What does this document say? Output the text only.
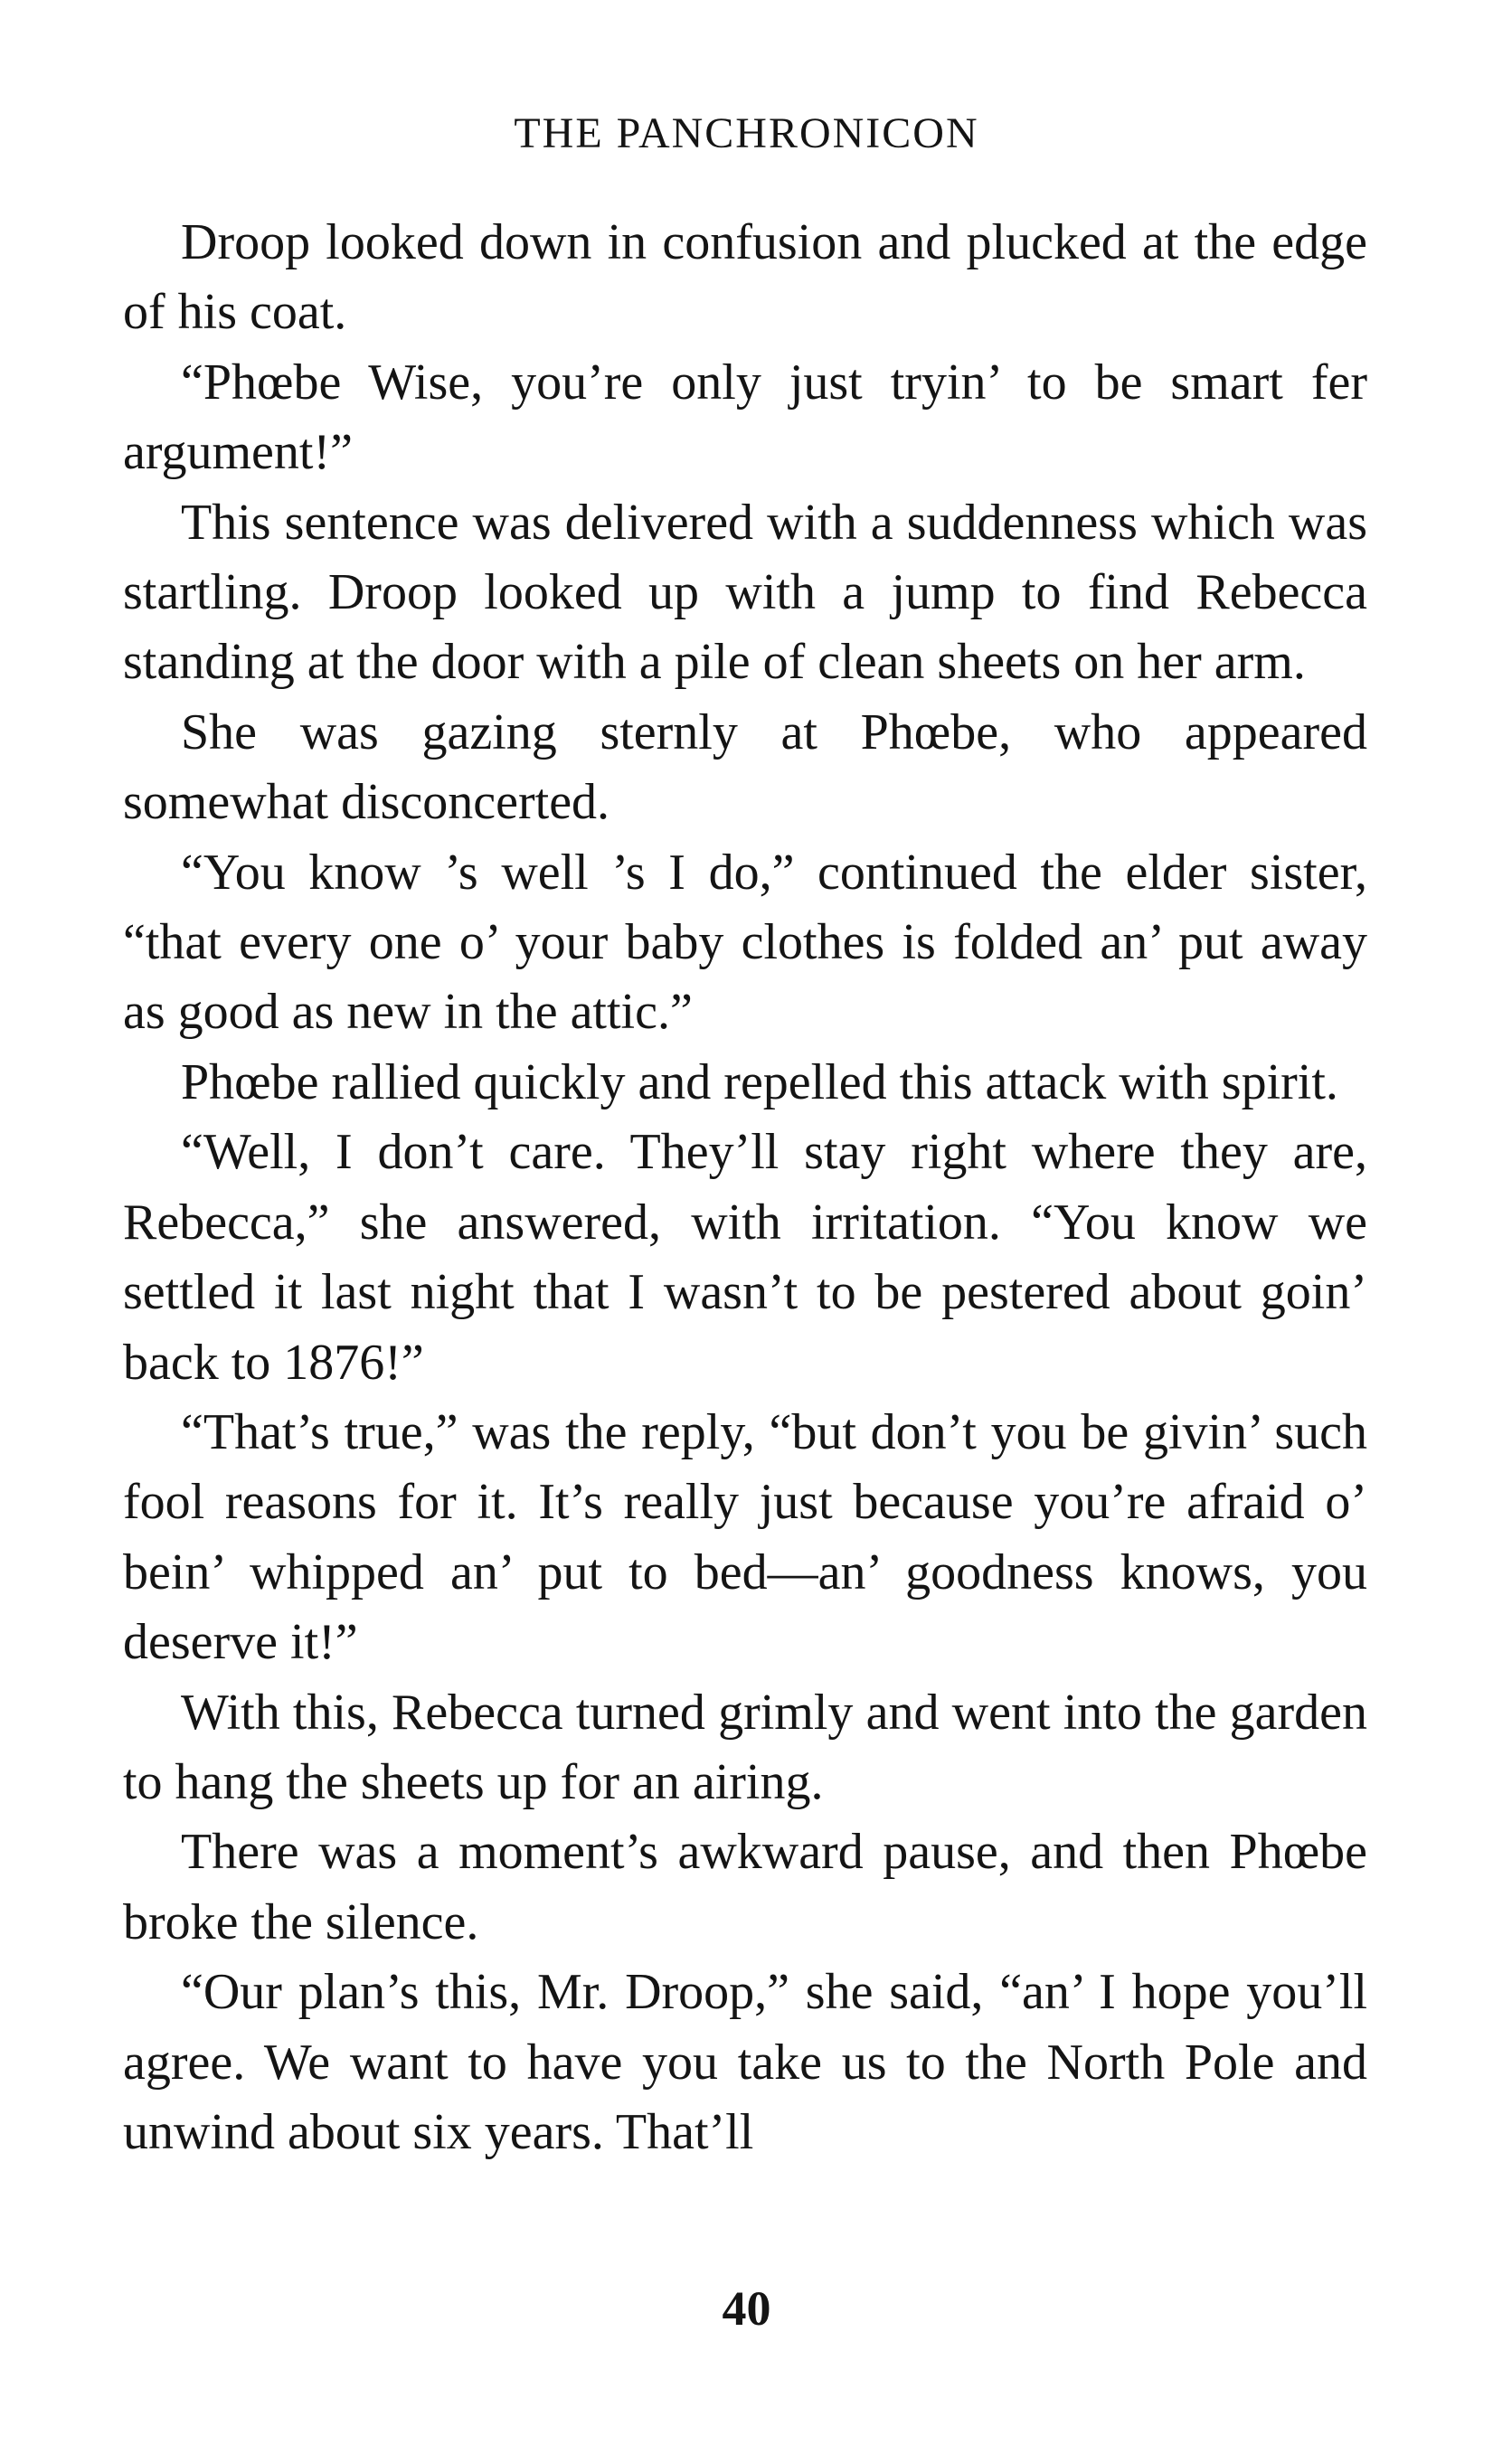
THE PANCHRONICON

Droop looked down in confusion and plucked at the edge of his coat.

“Phœbe Wise, you’re only just tryin’ to be smart fer argument!”

This sentence was delivered with a suddenness which was startling. Droop looked up with a jump to find Rebecca standing at the door with a pile of clean sheets on her arm.

She was gazing sternly at Phœbe, who appeared somewhat disconcerted.

“You know ’s well ’s I do,” continued the elder sister, “that every one o’ your baby clothes is folded an’ put away as good as new in the attic.”

Phœbe rallied quickly and repelled this attack with spirit.

“Well, I don’t care. They’ll stay right where they are, Rebecca,” she answered, with irritation. “You know we settled it last night that I wasn’t to be pestered about goin’ back to 1876!”

“That’s true,” was the reply, “but don’t you be givin’ such fool reasons for it. It’s really just because you’re afraid o’ bein’ whipped an’ put to bed—an’ goodness knows, you deserve it!”

With this, Rebecca turned grimly and went into the garden to hang the sheets up for an airing.

There was a moment’s awkward pause, and then Phœbe broke the silence.

“Our plan’s this, Mr. Droop,” she said, “an’ I hope you’ll agree. We want to have you take us to the North Pole and unwind about six years. That’ll

40
